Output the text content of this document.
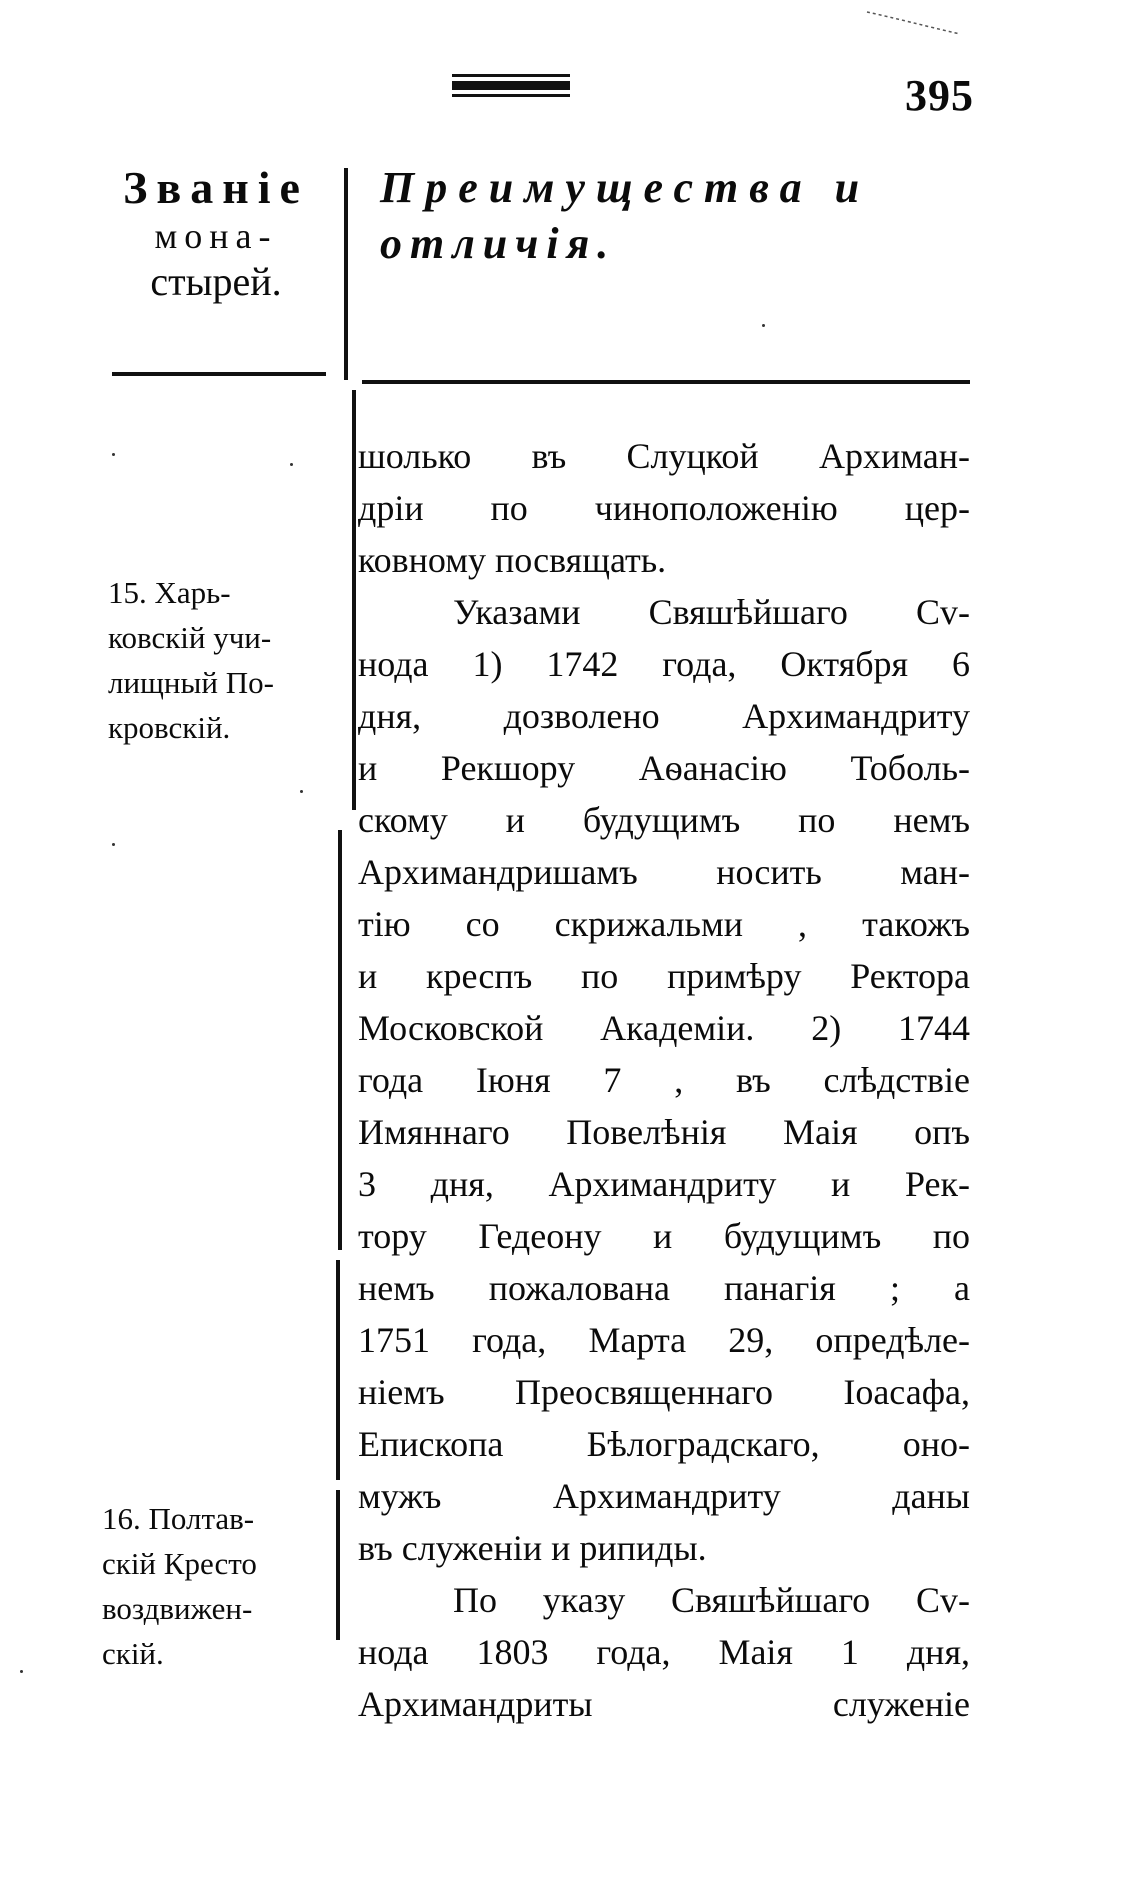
395
Званіе
мона-
стырей.
Преимущества и
отличія.
15. Харь-
ковскій учи-
лищный По-
кровскій.
16. Полтав-
скій Кресто
воздвижен-
скій.
шолько въ Слуцкой Архиман-
дріи по чиноположенію цер-
ковному посвящать.
Указами Свяшѣйшаго Сv-
нода 1) 1742 года, Октября 6
дня, дозволено Архимандриту
и Рекшору Аѳанасію Тоболь-
скому и будущимъ по немъ
Архимандришамъ носить ман-
тію со скрижальми , такожъ
и креспъ по примѣру Ректора
Московской Академіи. 2) 1744
года Іюня 7 , въ слѣдствіе
Имяннаго Повелѣнія Маія опъ
3 дня, Архимандриту и Рек-
тору Гедеону и будущимъ по
немъ пожалована панагія ; а
1751 года, Марта 29, опредѣле-
ніемъ Преосвященнаго Іоасафа,
Епископа Бѣлоградскаго, оно-
мужъ Архимандриту даны
въ служеніи и рипиды.
По указу Свяшѣйшаго Сv-
нода 1803 года, Маія 1 дня,
Архимандриты служеніе
